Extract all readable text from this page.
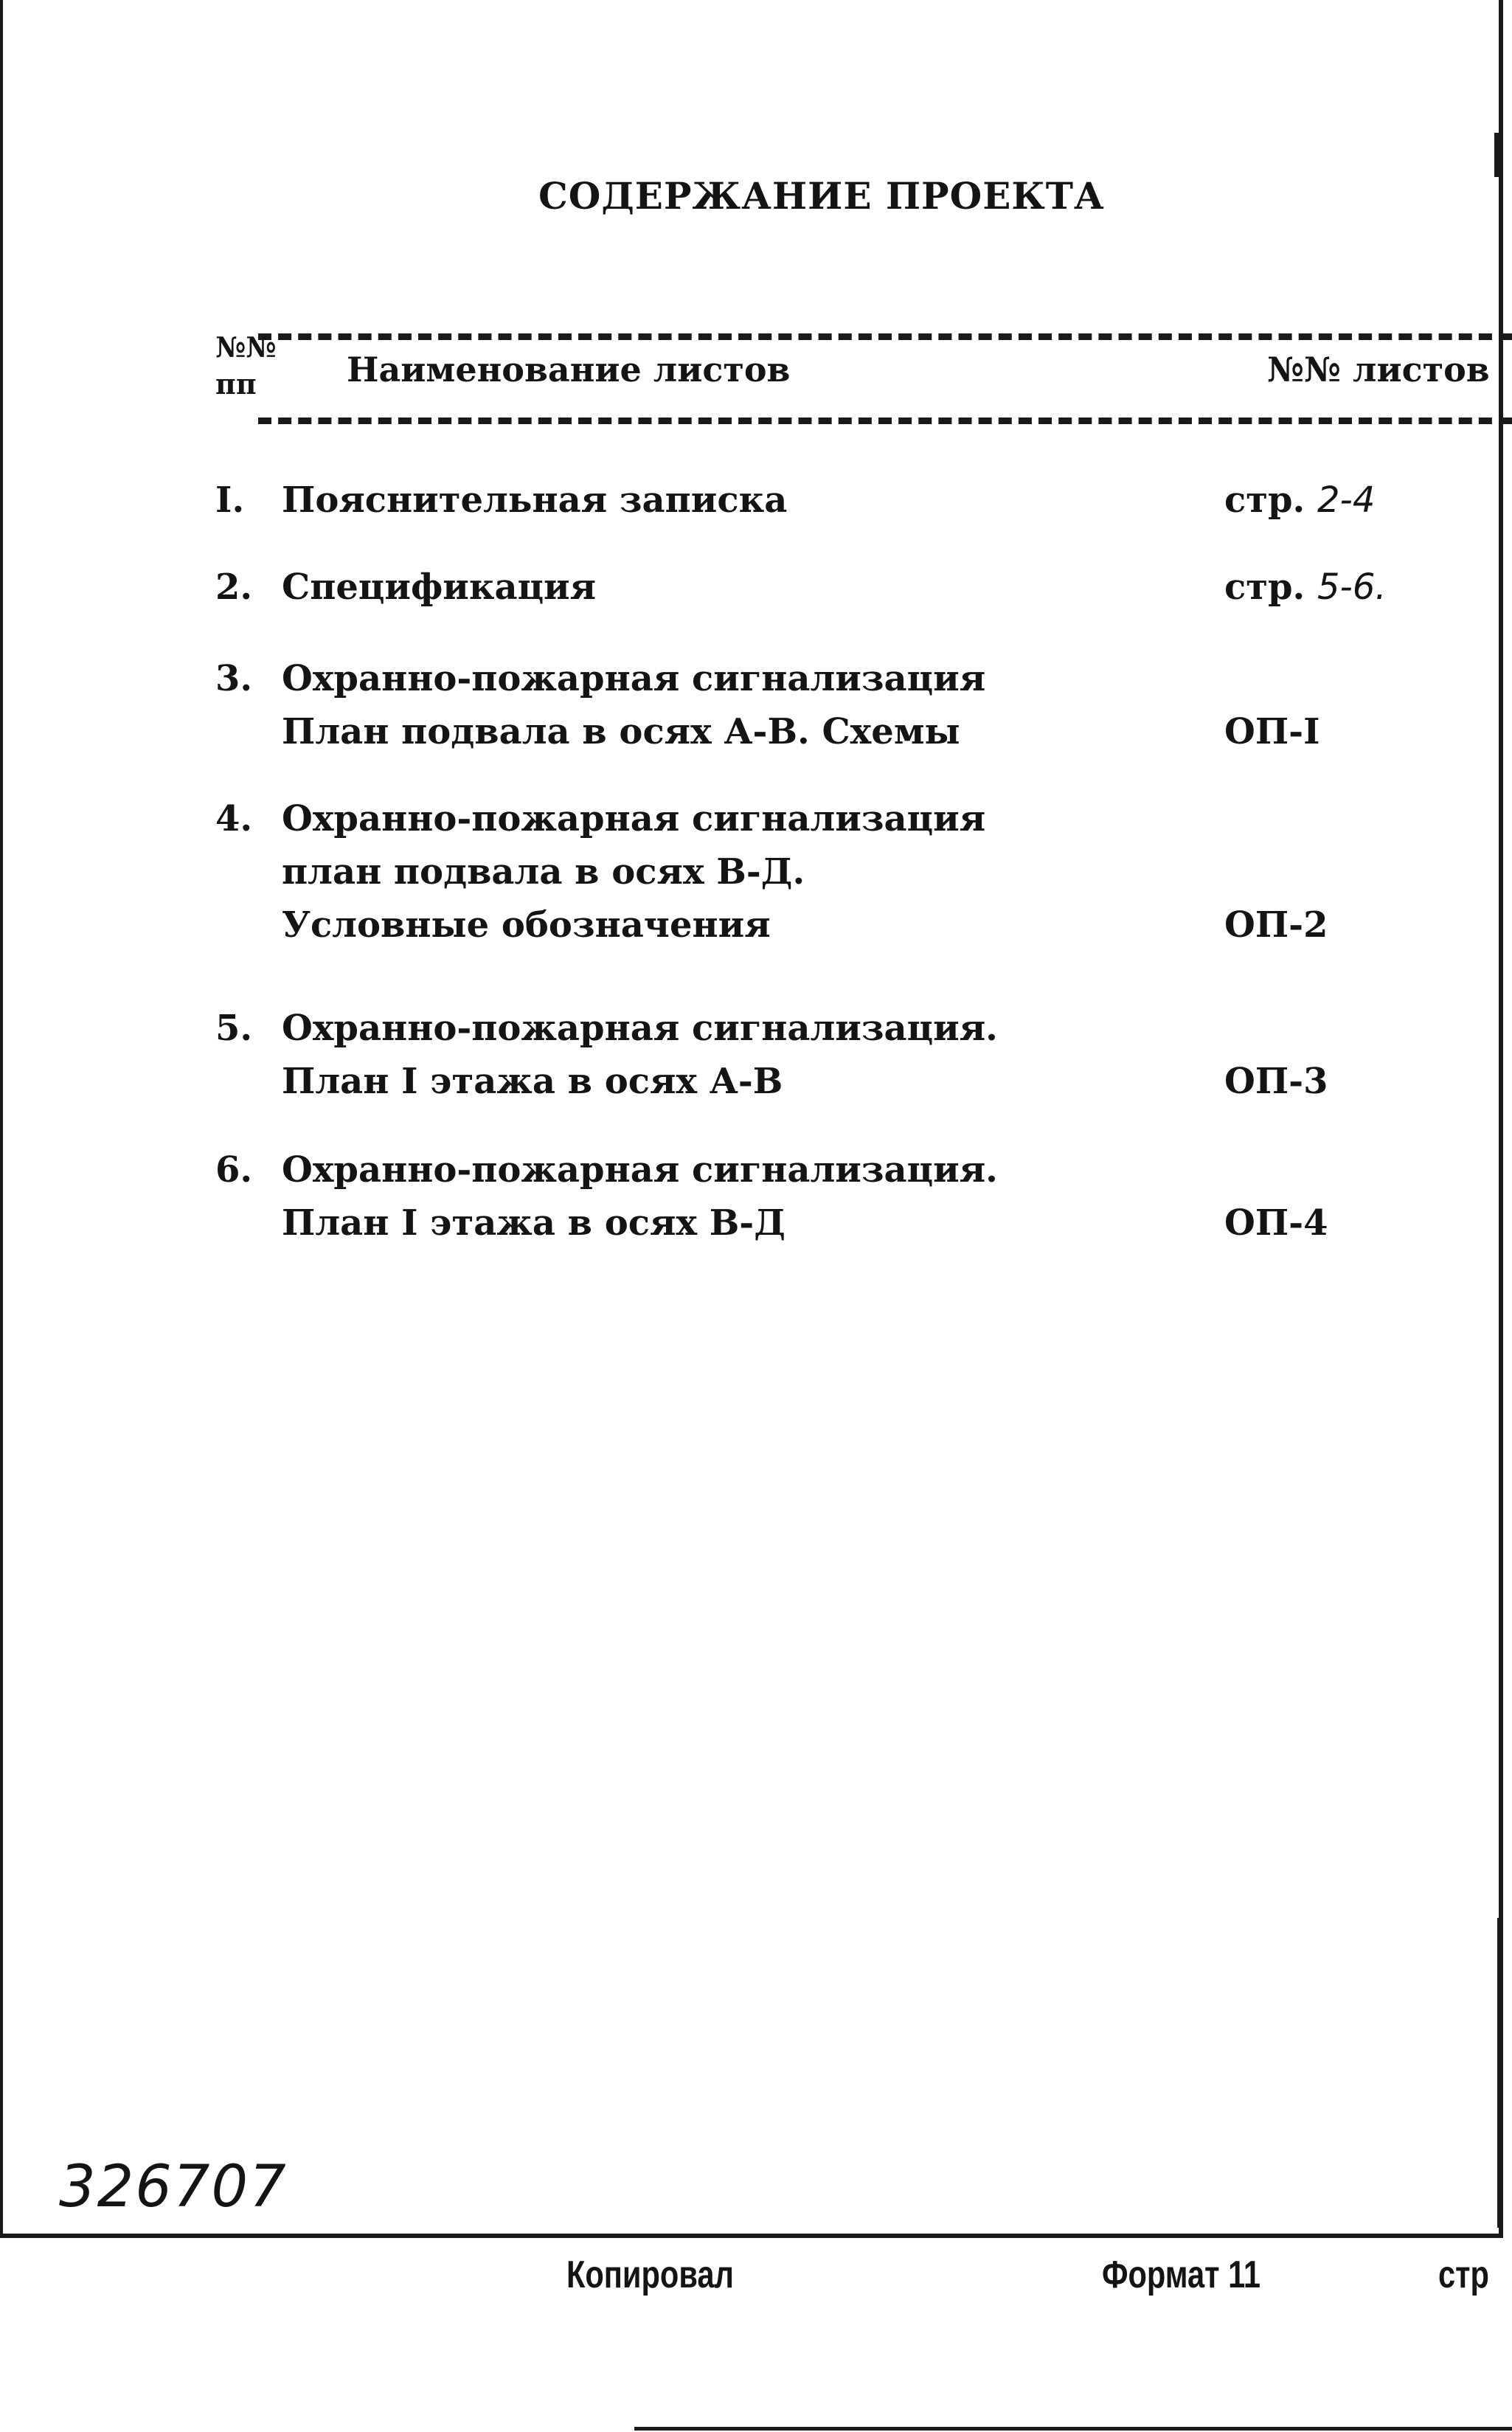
СОДЕРЖАНИЕ ПРОЕКТА
№№
пп	Наименование листов	№№ листов
I. Пояснительная записка	стр. 2-4
2. Спецификация	стр. 5-6.
3. Охранно-пожарная сигнализация
План подвала в осях А-В. Схемы	ОП-I
4. Охранно-пожарная сигнализация
план подвала в осях В-Д.
Условные обозначения	ОП-2
5. Охранно-пожарная сигнализация.
План I этажа в осях А-В	ОП-3
6. Охранно-пожарная сигнализация.
План I этажа в осях В-Д	ОП-4
326707
Копировал	Формат 11	стр
